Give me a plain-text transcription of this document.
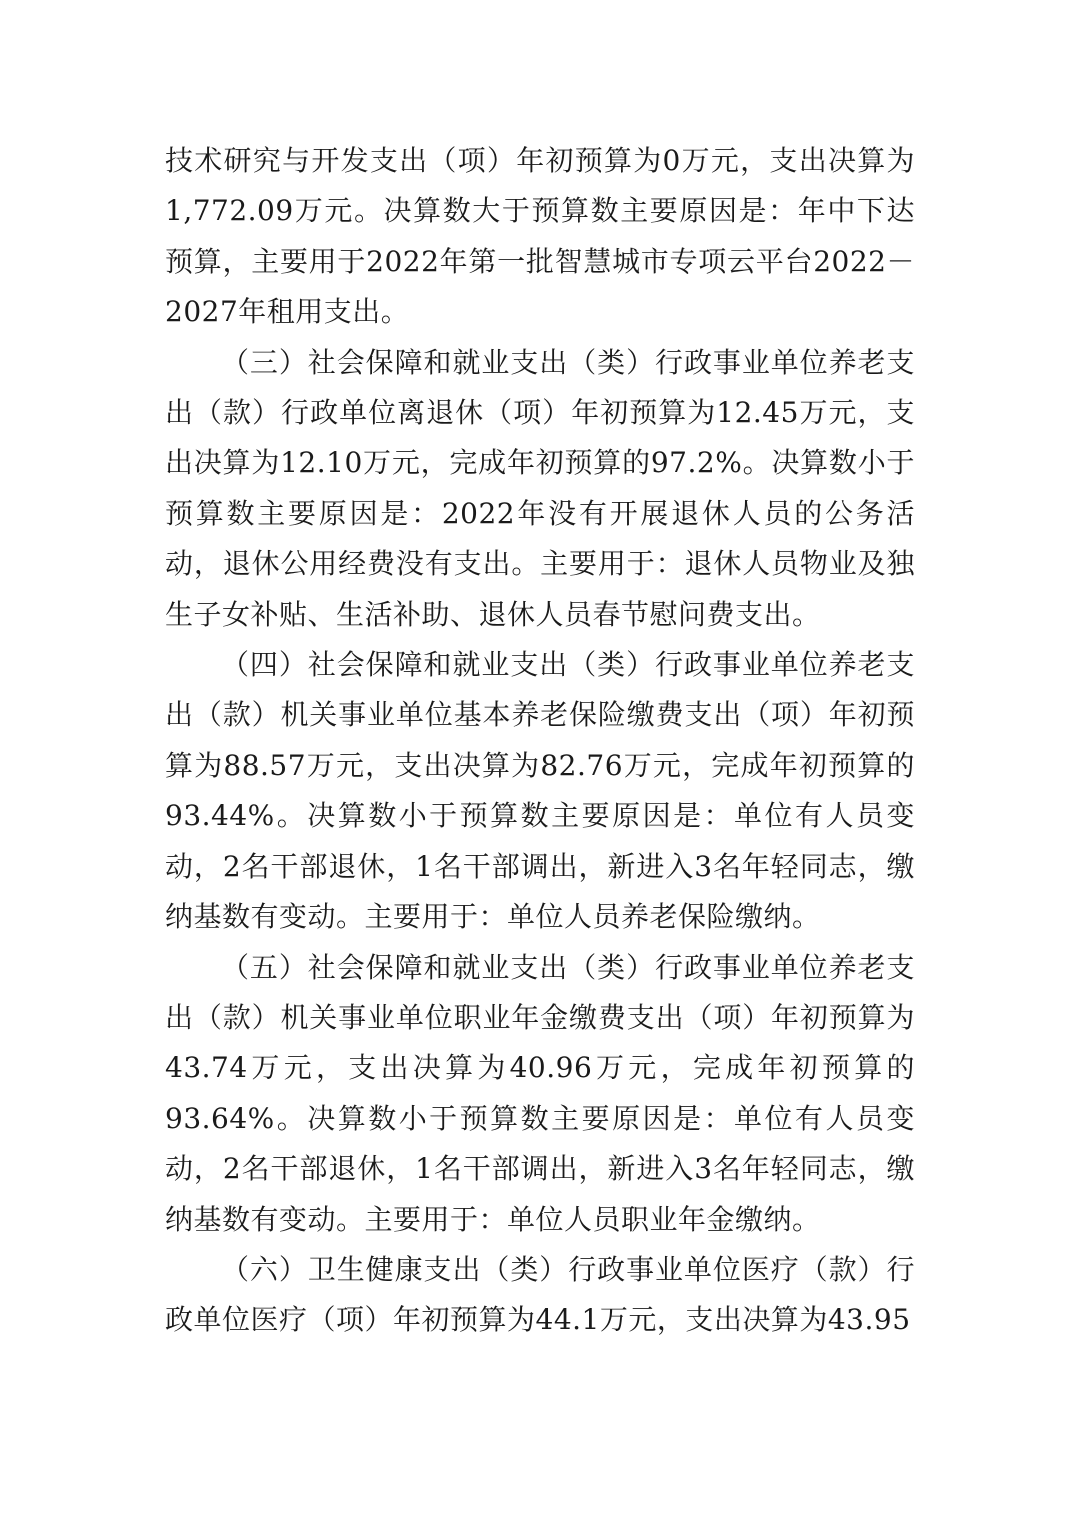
技术研究与开发支出（项）年初预算为0万元，支出决算为1,772.09万元。决算数大于预算数主要原因是：年中下达预算，主要用于2022年第一批智慧城市专项云平台2022－2027年租用支出。

（三）社会保障和就业支出（类）行政事业单位养老支出（款）行政单位离退休（项）年初预算为12.45万元，支出决算为12.10万元，完成年初预算的97.2%。决算数小于预算数主要原因是：2022年没有开展退休人员的公务活动，退休公用经费没有支出。主要用于：退休人员物业及独生子女补贴、生活补助、退休人员春节慰问费支出。

（四）社会保障和就业支出（类）行政事业单位养老支出（款）机关事业单位基本养老保险缴费支出（项）年初预算为88.57万元，支出决算为82.76万元，完成年初预算的93.44%。决算数小于预算数主要原因是：单位有人员变动，2名干部退休，1名干部调出，新进入3名年轻同志，缴纳基数有变动。主要用于：单位人员养老保险缴纳。

（五）社会保障和就业支出（类）行政事业单位养老支出（款）机关事业单位职业年金缴费支出（项）年初预算为43.74万元，支出决算为40.96万元，完成年初预算的93.64%。决算数小于预算数主要原因是：单位有人员变动，2名干部退休，1名干部调出，新进入3名年轻同志，缴纳基数有变动。主要用于：单位人员职业年金缴纳。

（六）卫生健康支出（类）行政事业单位医疗（款）行政单位医疗（项）年初预算为44.1万元，支出决算为43.95
